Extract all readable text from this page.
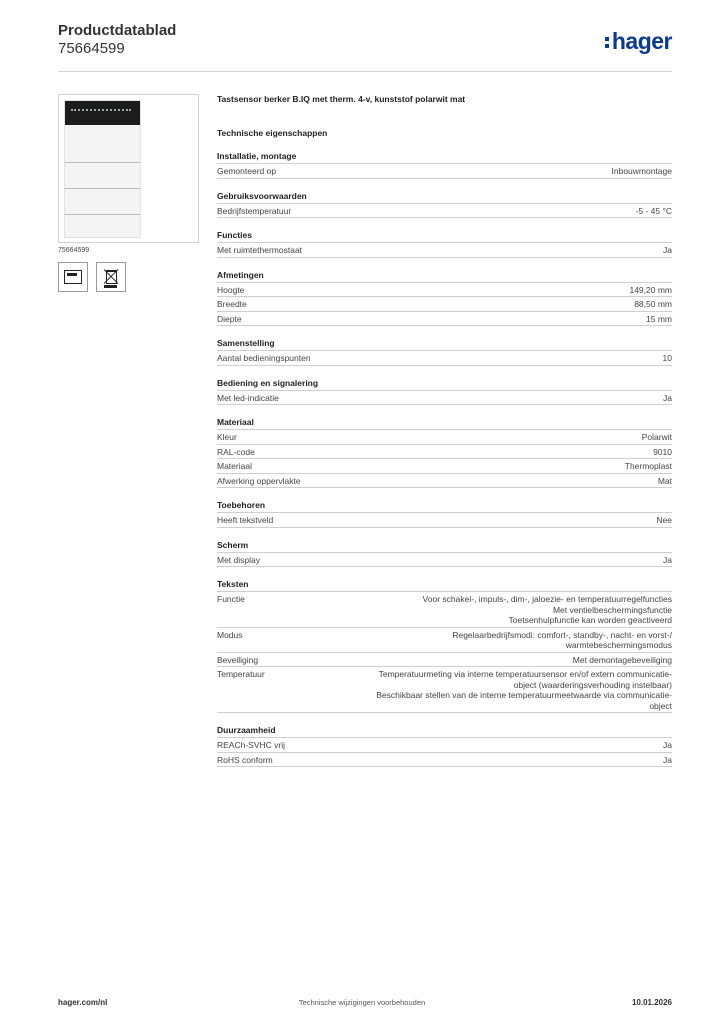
Productdatablad
75664599	hager
75664599
Tastsensor berker B.IQ met therm. 4-v, kunststof polarwit mat
Technische eigenschappen
Installatie, montage
Gemonteerd op	Inbouwmontage
Gebruiksvoorwaarden
Bedrijfstemperatuur	-5 - 45 °C
Functies
Met ruimtethermostaat	Ja
Afmetingen
Hoogte	149,20 mm
Breedte	88,50 mm
Diepte	15 mm
Samenstelling
Aantal bedieningspunten	10
Bediening en signalering
Met led-indicatie	Ja
Materiaal
Kleur	Polarwit
RAL-code	9010
Materiaal	Thermoplast
Afwerking oppervlakte	Mat
Toebehoren
Heeft tekstveld	Nee
Scherm
Met display	Ja
Teksten
Functie	Voor schakel-, impuls-, dim-, jaloezie- en temperatuurregelfuncties
Met ventielbeschermingsfunctie
Toetsenhulpfunctie kan worden geactiveerd
Modus	Regelaarbedrijfsmodi: comfort-, standby-, nacht- en vorst-/
warmtebeschermingsmodus
Beveiliging	Met demontagebeveiliging
Temperatuur	Temperatuurmeting via interne temperatuursensor en/of extern communicatie-
object (waarderingsverhouding instelbaar)
Beschikbaar stellen van de interne temperatuurmeetwaarde via communicatie-
object
Duurzaamheid
REACh-SVHC vrij	Ja
RoHS conform	Ja
hager.com/nl	Technische wijzigingen voorbehouden	10.01.2026
